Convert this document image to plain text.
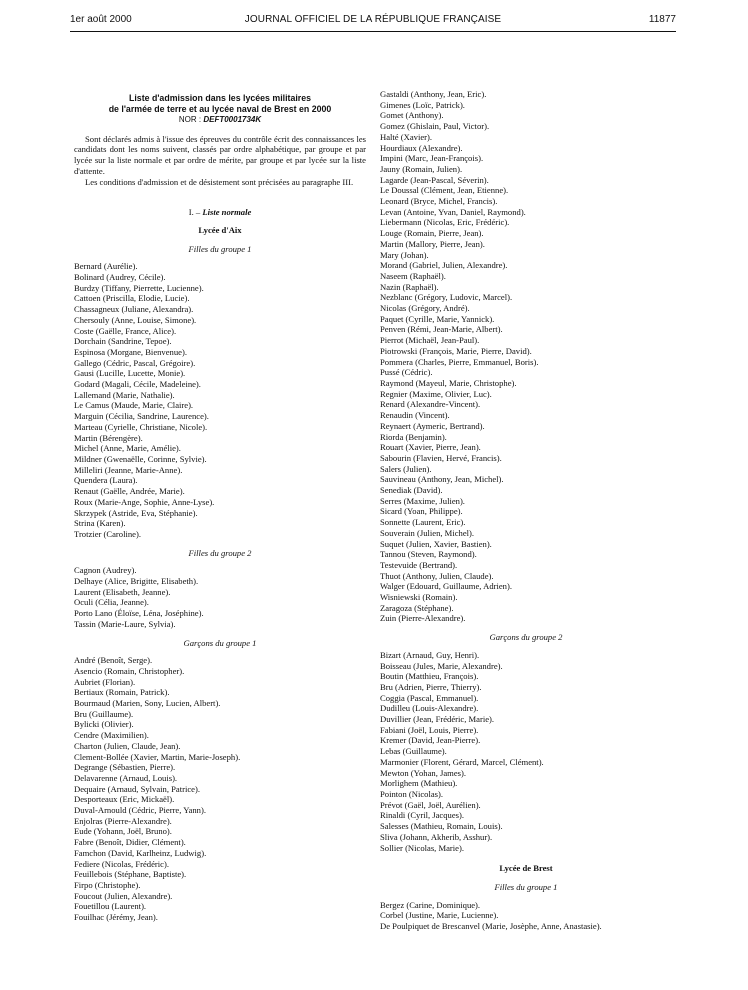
1er août 2000	JOURNAL OFFICIEL DE LA RÉPUBLIQUE FRANÇAISE	11877
Liste d'admission dans les lycées militaires
de l'armée de terre et au lycée naval de Brest en 2000
NOR : DEFT0001734K

Sont déclarés admis à l'issue des épreuves du contrôle écrit des connaissances les candidats dont les noms suivent, classés par ordre alphabétique, par groupe et par lycée sur la liste normale et par ordre de mérite, par groupe et par lycée sur la liste d'attente.

Les conditions d'admission et de désistement sont précisées au paragraphe III.

I. – Liste normale
Lycée d'Aix
Filles du groupe 1
Bernard (Aurélie).
Bolinard (Audrey, Cécile).
Burdzy (Tiffany, Pierrette, Lucienne).
Cattoen (Priscilla, Elodie, Lucie).
Chassagneux (Juliane, Alexandra).
Chersouly (Anne, Louise, Simone).
Coste (Gaëlle, France, Alice).
Dorchain (Sandrine, Tepoe).
Espinosa (Morgane, Bienvenue).
Gallego (Cédric, Pascal, Grégoire).
Gausi (Lucille, Lucette, Monie).
Godard (Magali, Cécile, Madeleine).
Lallemand (Marie, Nathalie).
Le Camus (Maude, Marie, Claire).
Marguin (Cécilia, Sandrine, Laurence).
Marteau (Cyrielle, Christiane, Nicole).
Martin (Bérengère).
Michel (Anne, Marie, Amélie).
Mildner (Gwenaëlle, Corinne, Sylvie).
Milleliri (Jeanne, Marie-Anne).
Quendera (Laura).
Renaut (Gaëlle, Andrée, Marie).
Roux (Marie-Ange, Sophie, Anne-Lyse).
Skrzypek (Astride, Eva, Stéphanie).
Strina (Karen).
Trotzier (Caroline).
Filles du groupe 2
Cagnon (Audrey).
Delhaye (Alice, Brigitte, Elisabeth).
Laurent (Elisabeth, Jeanne).
Oculi (Célia, Jeanne).
Porto Lano (Éloïse, Léna, Joséphine).
Tassin (Marie-Laure, Sylvia).
Garçons du groupe 1
André (Benoît, Serge).
Asencio (Romain, Christopher).
Aubriet (Florian).
Bertiaux (Romain, Patrick).
Bourmaud (Marien, Sony, Lucien, Albert).
Bru (Guillaume).
Bylicki (Olivier).
Cendre (Maximilien).
Charton (Julien, Claude, Jean).
Clement-Bollée (Xavier, Martin, Marie-Joseph).
Degrange (Sébastien, Pierre).
Delavarenne (Arnaud, Louis).
Dequaire (Arnaud, Sylvain, Patrice).
Desporteaux (Eric, Mickaël).
Duval-Arnould (Cédric, Pierre, Yann).
Enjolras (Pierre-Alexandre).
Eude (Yohann, Joël, Bruno).
Fabre (Benoît, Didier, Clément).
Famchon (David, Karlheinz, Ludwig).
Fediere (Nicolas, Frédéric).
Feuillebois (Stéphane, Baptiste).
Firpo (Christophe).
Foucout (Julien, Alexandre).
Fouetillou (Laurent).
Fouilhac (Jérémy, Jean).
Gastaldi (Anthony, Jean, Eric).
Gimenes (Loïc, Patrick).
Gomet (Anthony).
Gomez (Ghislain, Paul, Victor).
Halté (Xavier).
Hourdiaux (Alexandre).
Impini (Marc, Jean-François).
Jauny (Romain, Julien).
Lagarde (Jean-Pascal, Séverin).
Le Doussal (Clément, Jean, Etienne).
Leonard (Bryce, Michel, Francis).
Levan (Antoine, Yvan, Daniel, Raymond).
Liebermann (Nicolas, Eric, Frédéric).
Louge (Romain, Pierre, Jean).
Martin (Mallory, Pierre, Jean).
Mary (Johan).
Morand (Gabriel, Julien, Alexandre).
Naseem (Raphaël).
Nazin (Raphaël).
Nezblanc (Grégory, Ludovic, Marcel).
Nicolas (Grégory, André).
Paquet (Cyrille, Marie, Yannick).
Penven (Rémi, Jean-Marie, Albert).
Pierrot (Michaël, Jean-Paul).
Piotrowski (François, Marie, Pierre, David).
Pommera (Charles, Pierre, Emmanuel, Boris).
Pussé (Cédric).
Raymond (Mayeul, Marie, Christophe).
Regnier (Maxime, Olivier, Luc).
Renard (Alexandre-Vincent).
Renaudin (Vincent).
Reynaert (Aymeric, Bertrand).
Riorda (Benjamin).
Rouart (Xavier, Pierre, Jean).
Sabourin (Flavien, Hervé, Francis).
Salers (Julien).
Sauvineau (Anthony, Jean, Michel).
Senediak (David).
Serres (Maxime, Julien).
Sicard (Yoan, Philippe).
Sonnette (Laurent, Eric).
Souverain (Julien, Michel).
Suquet (Julien, Xavier, Bastien).
Tannou (Steven, Raymond).
Testevuide (Bertrand).
Thuot (Anthony, Julien, Claude).
Walger (Edouard, Guillaume, Adrien).
Wisniewski (Romain).
Zaragoza (Stéphane).
Zuin (Pierre-Alexandre).
Garçons du groupe 2
Bizart (Arnaud, Guy, Henri).
Boisseau (Jules, Marie, Alexandre).
Boutin (Matthieu, François).
Bru (Adrien, Pierre, Thierry).
Coggia (Pascal, Emmanuel).
Dudilleu (Louis-Alexandre).
Duvillier (Jean, Frédéric, Marie).
Fabiani (Joël, Louis, Pierre).
Kremer (David, Jean-Pierre).
Lebas (Guillaume).
Marmonier (Florent, Gérard, Marcel, Clément).
Mewton (Yohan, James).
Morlighem (Mathieu).
Pointon (Nicolas).
Prévot (Gaël, Joël, Aurélien).
Rinaldi (Cyril, Jacques).
Salesses (Mathieu, Romain, Louis).
Sliva (Johann, Akherib, Asshur).
Sollier (Nicolas, Marie).
Lycée de Brest
Filles du groupe 1
Bergez (Carine, Dominique).
Corbel (Justine, Marie, Lucienne).
De Poulpiquet de Brescanvel (Marie, Josèphe, Anne, Anastasie).
